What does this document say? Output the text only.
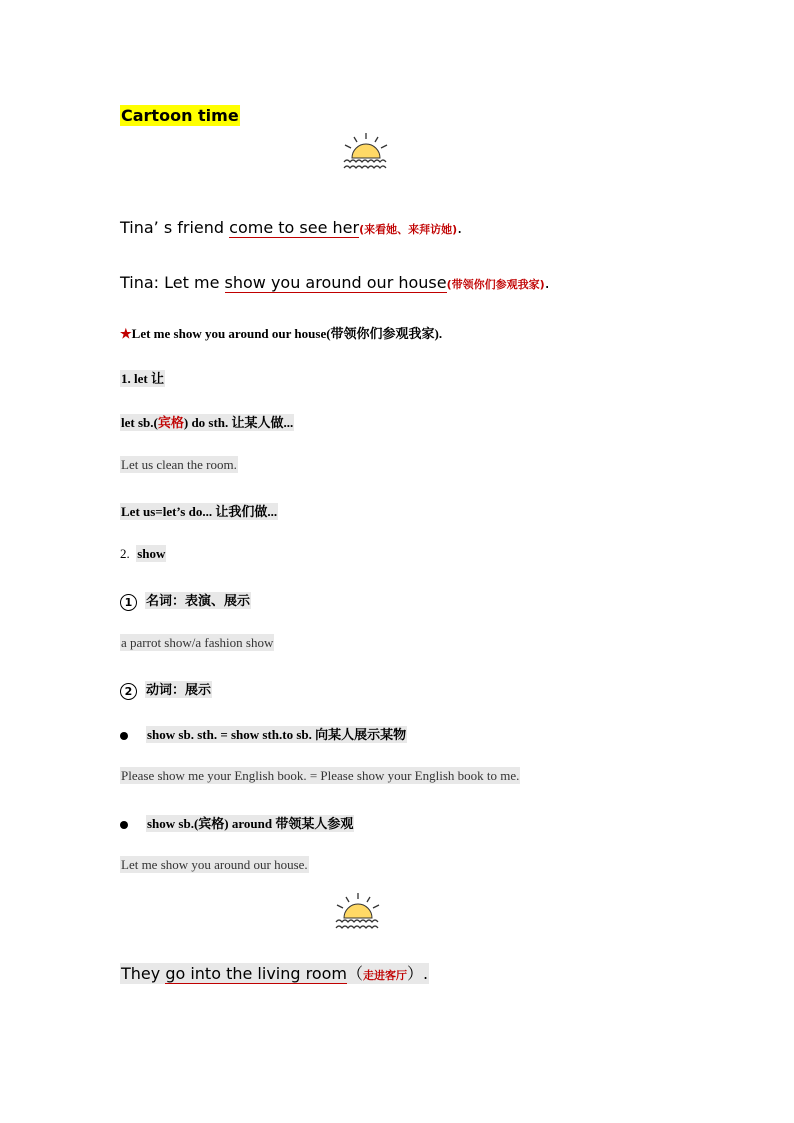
Cartoon time
Tina’ s friend come to see her(来看她、来拜访她).
Tina: Let me show you around our house(带领你们参观我家).
★Let me show you around our house(带领你们参观我家).
1. let 让
let sb.(宾格) do sth. 让某人做...
Let us clean the room.
Let us=let’s do... 让我们做...
2. show
1 名词：表演、展示
a parrot show/a fashion show
2 动词：展示
show sb. sth. = show sth.to sb. 向某人展示某物
Please show me your English book. = Please show your English book to me.
show sb.(宾格) around 带领某人参观
Let me show you around our house.
They go into the living room（走进客厅）.
